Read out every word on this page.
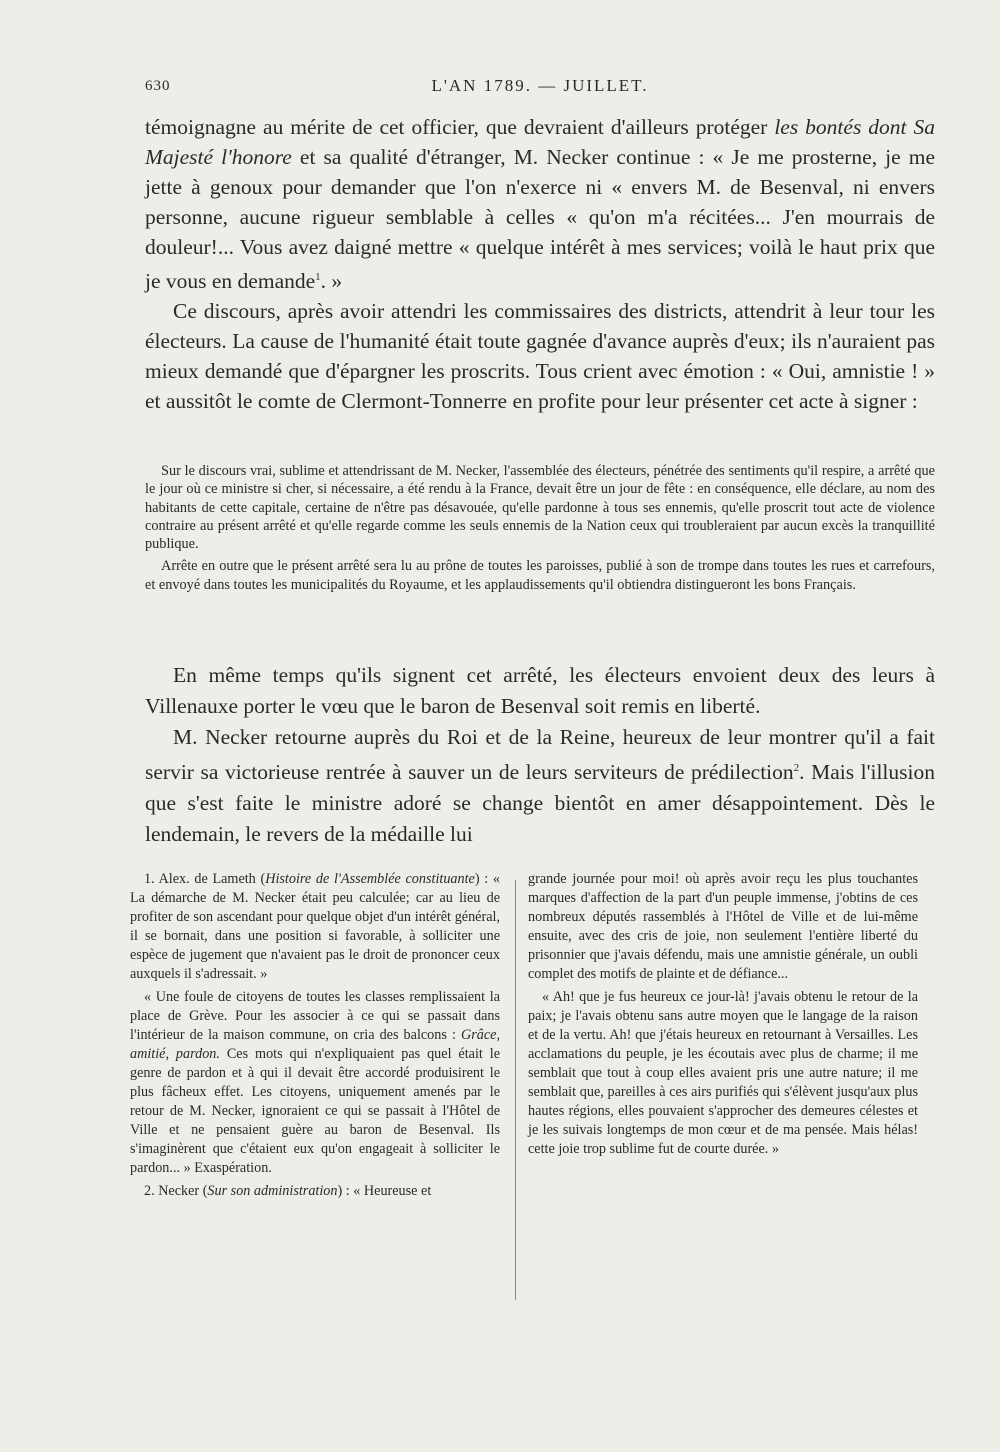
630	L'AN 1789. — JUILLET.

témoignagne au mérite de cet officier, que devraient d'ailleurs protéger les bontés dont Sa Majesté l'honore et sa qualité d'étranger, M. Necker continue : « Je me prosterne, je me jette à genoux pour demander que l'on n'exerce ni « envers M. de Besenval, ni envers personne, aucune rigueur semblable à celles « qu'on m'a récitées... J'en mourrais de douleur!... Vous avez daigné mettre « quelque intérêt à mes services; voilà le haut prix que je vous en demande$^1$. »

Ce discours, après avoir attendri les commissaires des districts, attendrit à leur tour les électeurs. La cause de l'humanité était toute gagnée d'avance auprès d'eux; ils n'auraient pas mieux demandé que d'épargner les proscrits. Tous crient avec émotion : « Oui, amnistie ! » et aussitôt le comte de Clermont-Tonnerre en profite pour leur présenter cet acte à signer :

Sur le discours vrai, sublime et attendrissant de M. Necker, l'assemblée des électeurs, pénétrée des sentiments qu'il respire, a arrêté que le jour où ce ministre si cher, si nécessaire, a été rendu à la France, devait être un jour de fête : en conséquence, elle déclare, au nom des habitants de cette capitale, certaine de n'être pas désavouée, qu'elle pardonne à tous ses ennemis, qu'elle proscrit tout acte de violence contraire au présent arrêté et qu'elle regarde comme les seuls ennemis de la Nation ceux qui troubleraient par aucun excès la tranquillité publique.

Arrête en outre que le présent arrêté sera lu au prône de toutes les paroisses, publié à son de trompe dans toutes les rues et carrefours, et envoyé dans toutes les municipalités du Royaume, et les applaudissements qu'il obtiendra distingueront les bons Français.

En même temps qu'ils signent cet arrêté, les électeurs envoient deux des leurs à Villenauxe porter le vœu que le baron de Besenval soit remis en liberté.

M. Necker retourne auprès du Roi et de la Reine, heureux de leur montrer qu'il a fait servir sa victorieuse rentrée à sauver un de leurs serviteurs de prédilection$^2$. Mais l'illusion que s'est faite le ministre adoré se change bientôt en amer désappointement. Dès le lendemain, le revers de la médaille lui

1. Alex. de Lameth (Histoire de l'Assemblée constituante) : « La démarche de M. Necker était peu calculée; car au lieu de profiter de son ascendant pour quelque objet d'un intérêt général, il se bornait, dans une position si favorable, à solliciter une espèce de jugement que n'avaient pas le droit de prononcer ceux auxquels il s'adressait. »

« Une foule de citoyens de toutes les classes remplissaient la place de Grève. Pour les associer à ce qui se passait dans l'intérieur de la maison commune, on cria des balcons : Grâce, amitié, pardon. Ces mots qui n'expliquaient pas quel était le genre de pardon et à qui il devait être accordé produisirent le plus fâcheux effet. Les citoyens, uniquement amenés par le retour de M. Necker, ignoraient ce qui se passait à l'Hôtel de Ville et ne pensaient guère au baron de Besenval. Ils s'imaginèrent que c'étaient eux qu'on engageait à solliciter le pardon... » Exaspération.

2. Necker (Sur son administration) : « Heureuse et

grande journée pour moi! où après avoir reçu les plus touchantes marques d'affection de la part d'un peuple immense, j'obtins de ces nombreux députés rassemblés à l'Hôtel de Ville et de lui-même ensuite, avec des cris de joie, non seulement l'entière liberté du prisonnier que j'avais défendu, mais une amnistie générale, un oubli complet des motifs de plainte et de défiance...

« Ah! que je fus heureux ce jour-là! j'avais obtenu le retour de la paix; je l'avais obtenu sans autre moyen que le langage de la raison et de la vertu. Ah! que j'étais heureux en retournant à Versailles. Les acclamations du peuple, je les écoutais avec plus de charme; il me semblait que tout à coup elles avaient pris une autre nature; il me semblait que, pareilles à ces airs purifiés qui s'élèvent jusqu'aux plus hautes régions, elles pouvaient s'approcher des demeures célestes et je les suivais longtemps de mon cœur et de ma pensée. Mais hélas! cette joie trop sublime fut de courte durée. »
